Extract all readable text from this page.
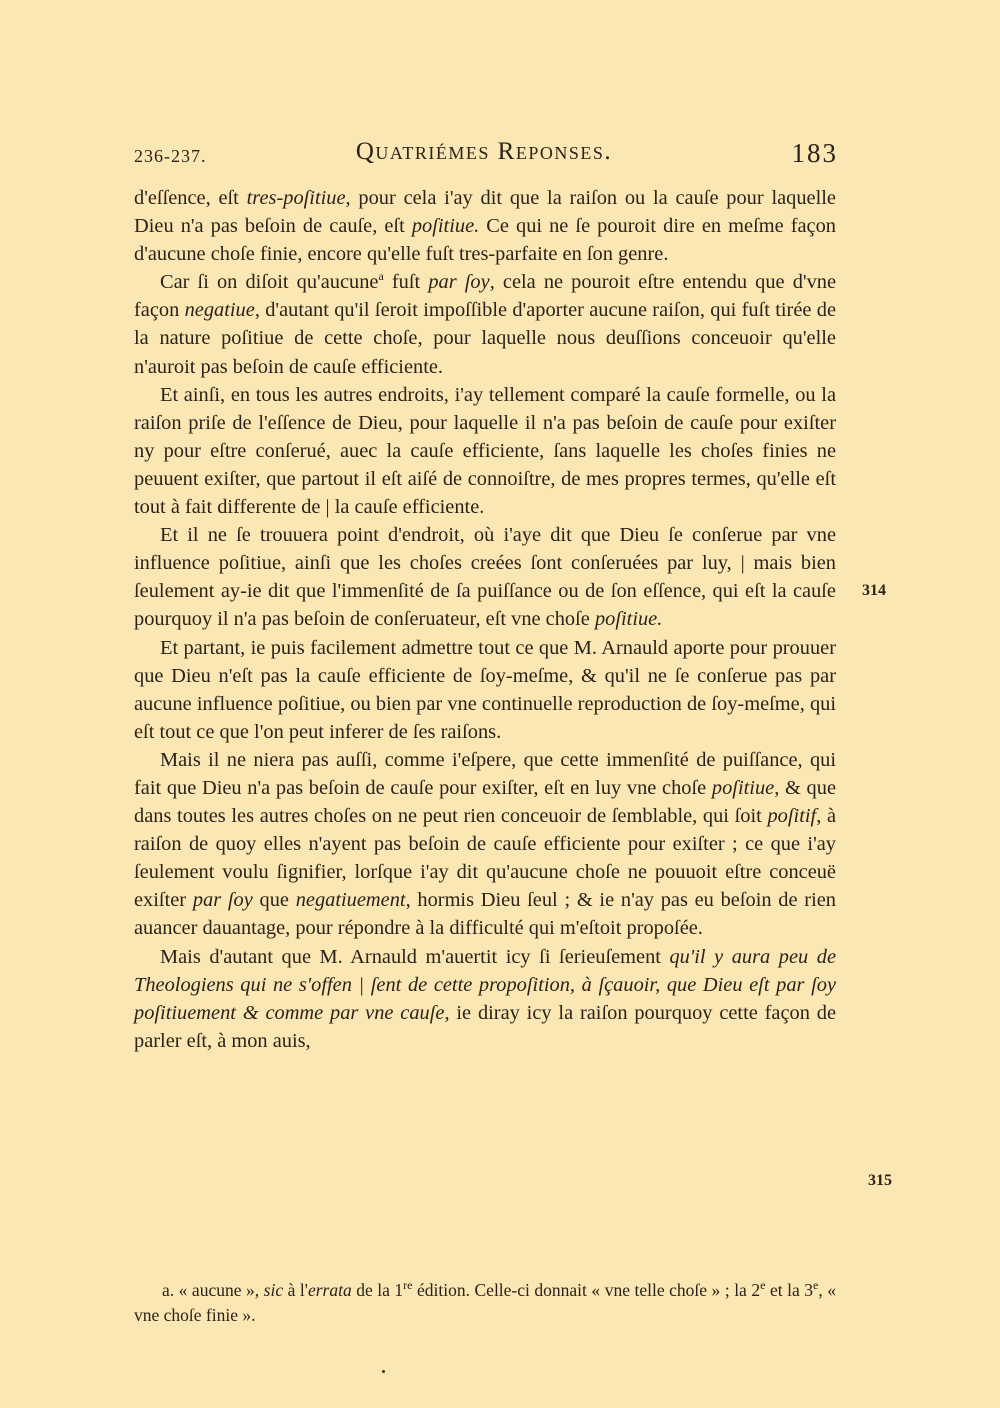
236-237.	Quatriémes Reponses.	183

d'eſſence, eſt tres-poſitiue, pour cela i'ay dit que la raiſon ou la cauſe pour laquelle Dieu n'a pas beſoin de cauſe, eſt poſitiue. Ce qui ne ſe pouroit dire en meſme façon d'aucune choſe finie, encore qu'elle fuſt tres-parfaite en ſon genre.

Car ſi on diſoit qu'aucune$^a$ fuſt par ſoy, cela ne pouroit eſtre entendu que d'vne façon negatiue, d'autant qu'il ſeroit impoſſible d'aporter aucune raiſon, qui fuſt tirée de la nature poſitiue de cette choſe, pour laquelle nous deuſſions conceuoir qu'elle n'auroit pas beſoin de cauſe efficiente.

Et ainſi, en tous les autres endroits, i'ay tellement comparé la cauſe formelle, ou la raiſon priſe de l'eſſence de Dieu, pour laquelle il n'a pas beſoin de cauſe pour exiſter ny pour eſtre conſerué, auec la cauſe efficiente, ſans laquelle les choſes finies ne peuuent exiſter, que partout il eſt aiſé de connoiſtre, de mes propres termes, qu'elle eſt tout à fait differente de | la cauſe efficiente.

Et il ne ſe trouuera point d'endroit, où i'aye dit que Dieu ſe conſerue par vne influence poſitiue, ainſi que les choſes creées ſont conſeruées par luy, | mais bien ſeulement ay-ie dit que l'immenſité de ſa puiſſance ou de ſon eſſence, qui eſt la cauſe pourquoy il n'a pas beſoin de conſeruateur, eſt vne choſe poſitiue.

Et partant, ie puis facilement admettre tout ce que M. Arnauld aporte pour prouuer que Dieu n'eſt pas la cauſe efficiente de ſoy-meſme, & qu'il ne ſe conſerue pas par aucune influence poſitiue, ou bien par vne continuelle reproduction de ſoy-meſme, qui eſt tout ce que l'on peut inferer de ſes raiſons.

Mais il ne niera pas auſſi, comme i'eſpere, que cette immenſité de puiſſance, qui fait que Dieu n'a pas beſoin de cauſe pour exiſter, eſt en luy vne choſe poſitiue, & que dans toutes les autres choſes on ne peut rien conceuoir de ſemblable, qui ſoit poſitif, à raiſon de quoy elles n'ayent pas beſoin de cauſe efficiente pour exiſter ; ce que i'ay ſeulement voulu ſignifier, lorſque i'ay dit qu'aucune choſe ne pouuoit eſtre conceuë exiſter par ſoy que negatiuement, hormis Dieu ſeul ; & ie n'ay pas eu beſoin de rien auancer dauantage, pour répondre à la difficulté qui m'eſtoit propoſée.

Mais d'autant que M. Arnauld m'auertit icy ſi ſerieuſement qu'il y aura peu de Theologiens qui ne s'offen | ſent de cette propoſition, à ſçauoir, que Dieu eſt par ſoy poſitiuement & comme par vne cauſe, ie diray icy la raiſon pourquoy cette façon de parler eſt, à mon auis,

314
315

a. « aucune », sic à l'errata de la 1re édition. Celle-ci donnait « vne telle choſe » ; la 2e et la 3e, « vne choſe finie ».
